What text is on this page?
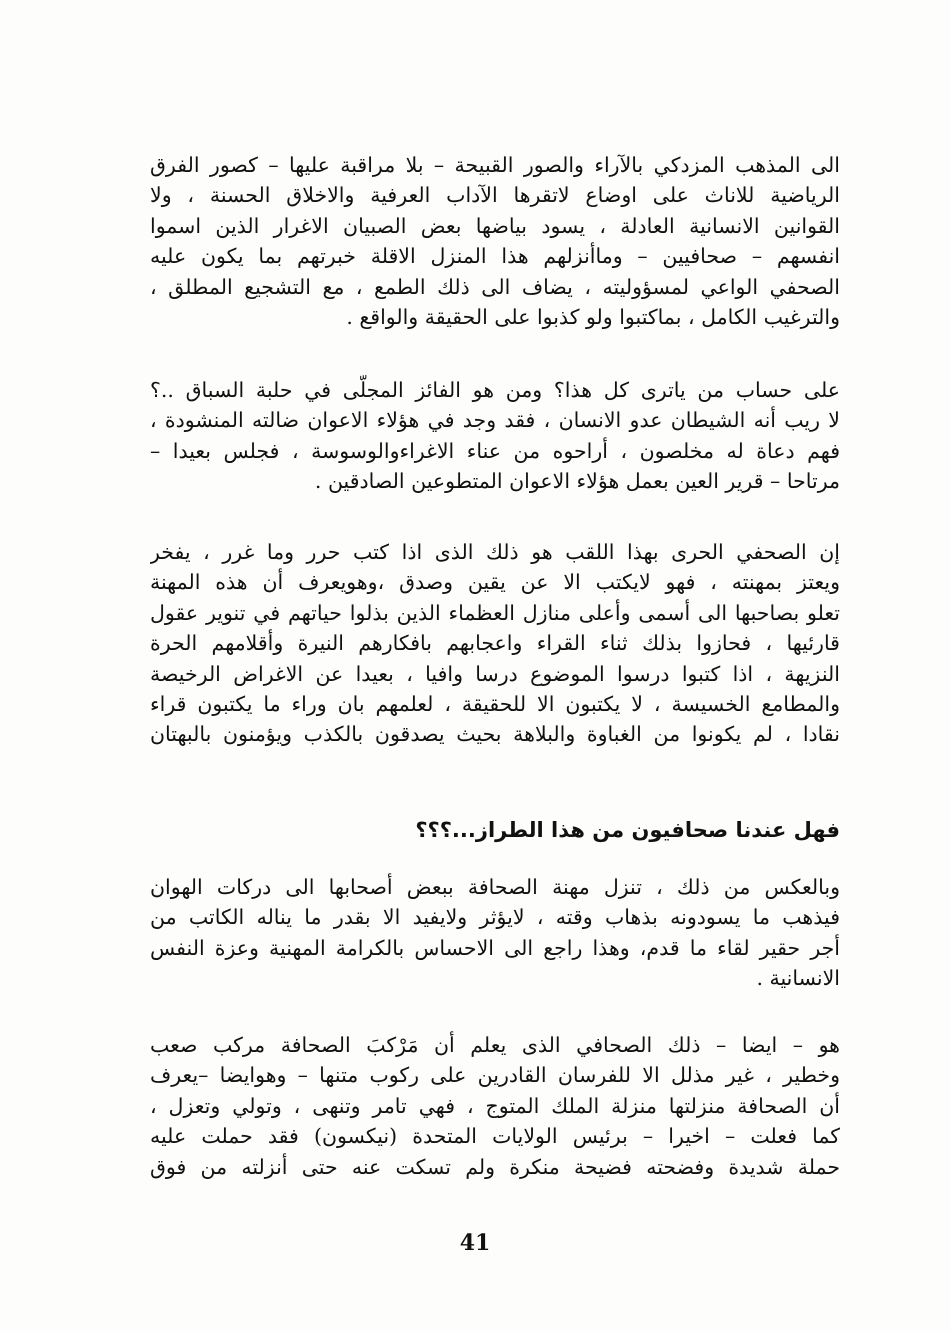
الى المذهب المزدكي بالآراء والصور القبيحة – بلا مراقبة عليها – كصور الفرق
الرياضية للاناث على اوضاع لاتقرها الآداب العرفية والاخلاق الحسنة ، ولا
القوانين الانسانية العادلة ، يسود بياضها بعض الصبيان الاغرار الذين اسموا
انفسهم – صحافيين – وماأنزلهم هذا المنزل الاقلة خبرتهم بما يكون عليه
الصحفي الواعي لمسؤوليته ، يضاف الى ذلك الطمع ، مع التشجيع المطلق ،
والترغيب الكامل ، بماكتبوا ولو كذبوا على الحقيقة والواقع .
على حساب من ياترى كل هذا؟ ومن هو الفائز المجلّى في حلبة السباق ..؟
لا ريب أنه الشيطان عدو الانسان ، فقد وجد في هؤلاء الاعوان ضالته المنشودة ،
فهم دعاة له مخلصون ، أراحوه من عناء الاغراءوالوسوسة ، فجلس بعيدا –
مرتاحا – قرير العين بعمل هؤلاء الاعوان المتطوعين الصادقين .
إن الصحفي الحرى بهذا اللقب هو ذلك الذى اذا كتب حرر وما غرر ، يفخر
ويعتز بمهنته ، فهو لايكتب الا عن يقين وصدق ،وهويعرف أن هذه المهنة
تعلو بصاحبها الى أسمى وأعلى منازل العظماء الذين بذلوا حياتهم في تنوير عقول
قارئيها ، فحازوا بذلك ثناء القراء واعجابهم بافكارهم النيرة وأقلامهم الحرة
النزيهة ، اذا كتبوا درسوا الموضوع درسا وافيا ، بعيدا عن الاغراض الرخيصة
والمطامع الخسيسة ، لا يكتبون الا للحقيقة ، لعلمهم بان وراء ما يكتبون قراء
نقادا ، لم يكونوا من الغباوة والبلاهة بحيث يصدقون بالكذب ويؤمنون بالبهتان
فهل عندنا صحافيون من هذا الطراز...؟؟؟
وبالعكس من ذلك ، تنزل مهنة الصحافة ببعض أصحابها الى دركات الهوان
فيذهب ما يسودونه بذهاب وقته ، لايؤثر ولايفيد الا بقدر ما يناله الكاتب من
أجر حقير لقاء ما قدم، وهذا راجع الى الاحساس بالكرامة المهنية وعزة النفس
الانسانية .
هو – ايضا – ذلك الصحافي الذى يعلم أن مَرْكبَ الصحافة مركب صعب
وخطير ، غير مذلل الا للفرسان القادرين على ركوب متنها – وهوايضا –يعرف
أن الصحافة منزلتها منزلة الملك المتوج ، فهي تامر وتنهى ، وتولي وتعزل ،
كما فعلت – اخيرا – برئيس الولايات المتحدة (نيكسون) فقد حملت عليه
حملة شديدة وفضحته فضيحة منكرة ولم تسكت عنه حتى أنزلته من فوق
41
